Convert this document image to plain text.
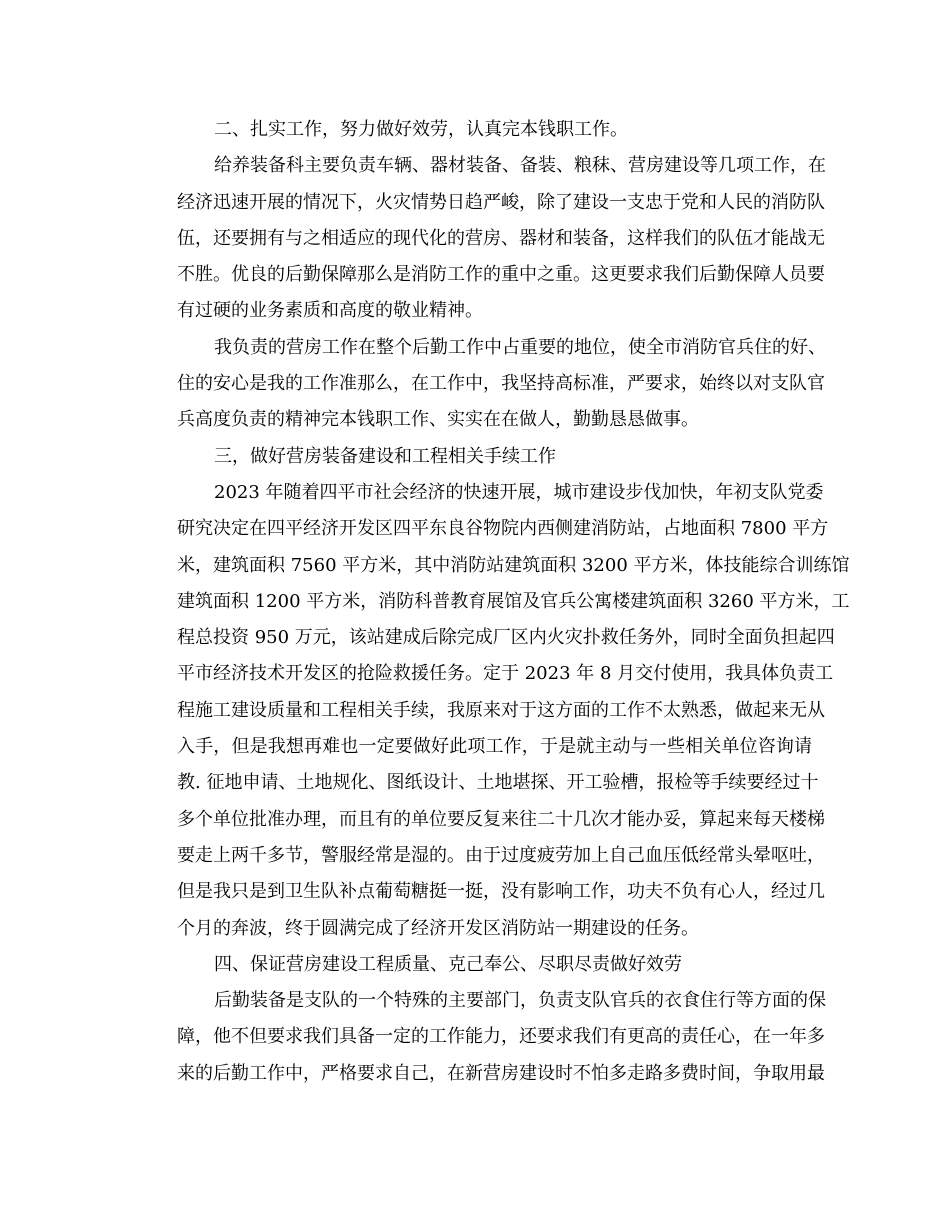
二、扎实工作，努力做好效劳，认真完本钱职工作。
给养装备科主要负责车辆、器材装备、备装、粮秣、营房建设等几项工作，在
经济迅速开展的情况下，火灾情势日趋严峻，除了建设一支忠于党和人民的消防队
伍，还要拥有与之相适应的现代化的营房、器材和装备，这样我们的队伍才能战无
不胜。优良的后勤保障那么是消防工作的重中之重。这更要求我们后勤保障人员要
有过硬的业务素质和高度的敬业精神。
我负责的营房工作在整个后勤工作中占重要的地位，使全市消防官兵住的好、
住的安心是我的工作准那么，在工作中，我坚持高标准，严要求，始终以对支队官
兵高度负责的精神完本钱职工作、实实在在做人，勤勤恳恳做事。
三，做好营房装备建设和工程相关手续工作
2023 年随着四平市社会经济的快速开展，城市建设步伐加快，年初支队党委
研究决定在四平经济开发区四平东良谷物院内西侧建消防站，占地面积 7800 平方
米，建筑面积 7560 平方米，其中消防站建筑面积 3200 平方米，体技能综合训练馆
建筑面积 1200 平方米，消防科普教育展馆及官兵公寓楼建筑面积 3260 平方米，工
程总投资 950 万元，该站建成后除完成厂区内火灾扑救任务外，同时全面负担起四
平市经济技术开发区的抢险救援任务。定于 2023 年 8 月交付使用，我具体负责工
程施工建设质量和工程相关手续，我原来对于这方面的工作不太熟悉，做起来无从
入手，但是我想再难也一定要做好此项工作，于是就主动与一些相关单位咨询请
教. 征地申请、土地规化、图纸设计、土地堪探、开工验槽，报检等手续要经过十
多个单位批准办理，而且有的单位要反复来往二十几次才能办妥，算起来每天楼梯
要走上两千多节，警服经常是湿的。由于过度疲劳加上自己血压低经常头晕呕吐，
但是我只是到卫生队补点葡萄糖挺一挺，没有影响工作，功夫不负有心人，经过几
个月的奔波，终于圆满完成了经济开发区消防站一期建设的任务。
四、保证营房建设工程质量、克己奉公、尽职尽责做好效劳
后勤装备是支队的一个特殊的主要部门，负责支队官兵的衣食住行等方面的保
障，他不但要求我们具备一定的工作能力，还要求我们有更高的责任心，在一年多
来的后勤工作中，严格要求自己，在新营房建设时不怕多走路多费时间，争取用最
